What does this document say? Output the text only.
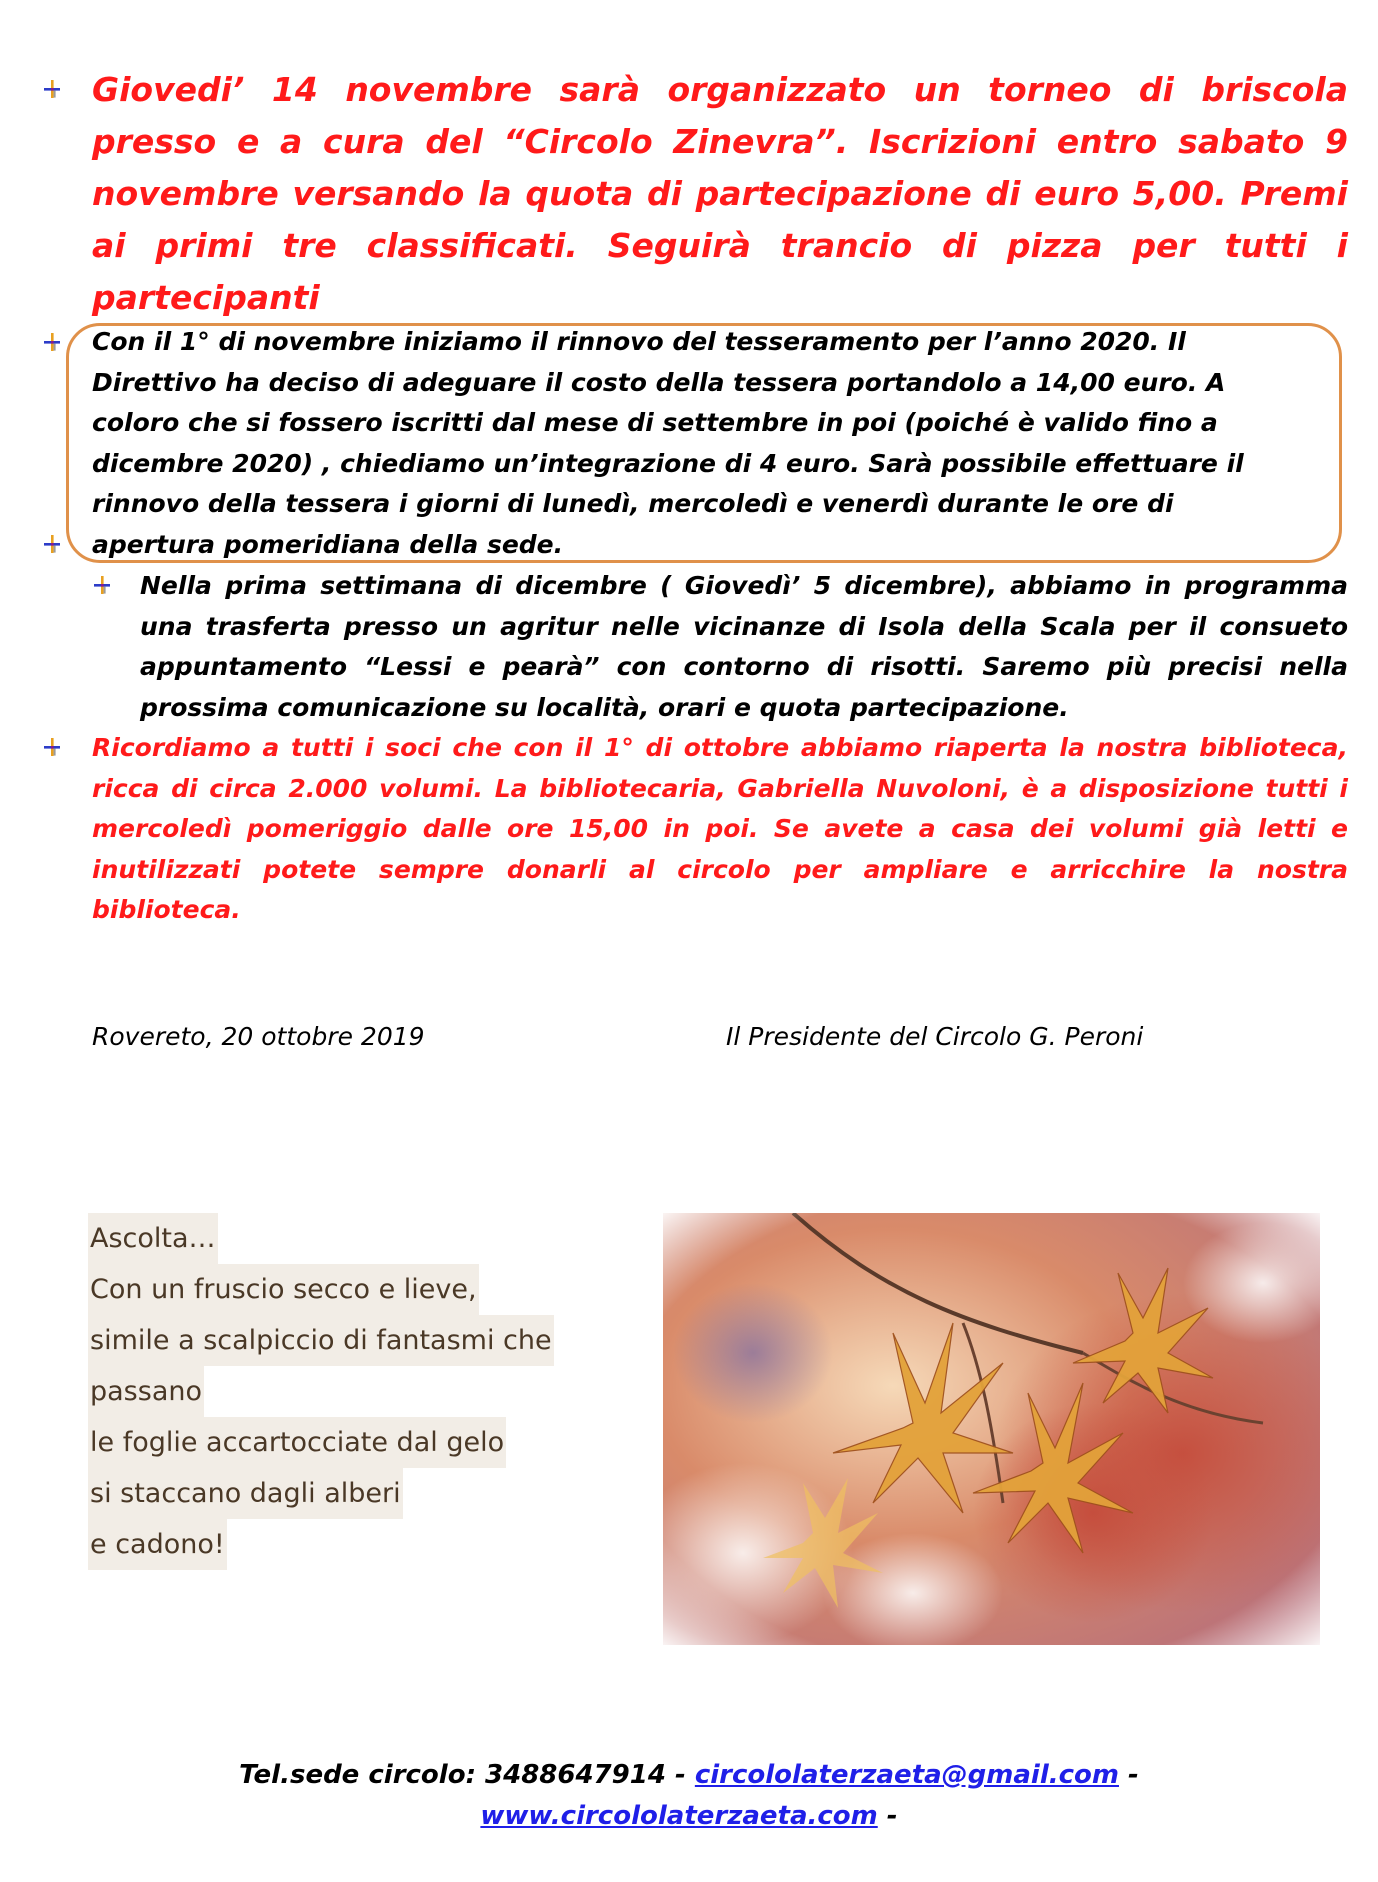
Giovedi’ 14 novembre sarà organizzato un torneo di briscola presso e a cura del “Circolo Zinevra”. Iscrizioni entro sabato 9 novembre versando la quota di partecipazione di euro 5,00. Premi ai primi tre classificati. Seguirà trancio di pizza per tutti i partecipanti
Con il 1° di novembre iniziamo il rinnovo del tesseramento per l’anno 2020. Il Direttivo ha deciso di adeguare il costo della tessera portandolo a 14,00 euro. A coloro che si fossero iscritti dal mese di settembre in poi (poiché è valido fino a dicembre 2020) , chiediamo un’integrazione di 4 euro. Sarà possibile effettuare il rinnovo della tessera i giorni di lunedì, mercoledì e venerdì durante le ore di apertura pomeridiana della sede.
Nella prima settimana di dicembre ( Giovedì’ 5 dicembre), abbiamo in programma una trasferta presso un agritur nelle vicinanze di Isola della Scala per il consueto appuntamento “Lessi e pearà” con contorno di risotti. Saremo più precisi nella prossima comunicazione su località, orari e quota partecipazione.
Ricordiamo a tutti i soci che con il 1° di ottobre abbiamo riaperta la nostra biblioteca, ricca di circa 2.000 volumi. La bibliotecaria, Gabriella Nuvoloni, è a disposizione tutti i mercoledì pomeriggio dalle ore 15,00 in poi. Se avete a casa dei volumi già letti e inutilizzati potete sempre donarli al circolo per ampliare e arricchire la nostra biblioteca.
Rovereto, 20 ottobre 2019	Il Presidente del Circolo G. Peroni
Ascolta…
Con un fruscio secco e lieve,
simile a scalpiccio di fantasmi che
passano
le foglie accartocciate dal gelo
si staccano dagli alberi
e cadono!
Tel.sede circolo: 3488647914 - circololaterzaeta@gmail.com -
www.circololaterzaeta.com -
